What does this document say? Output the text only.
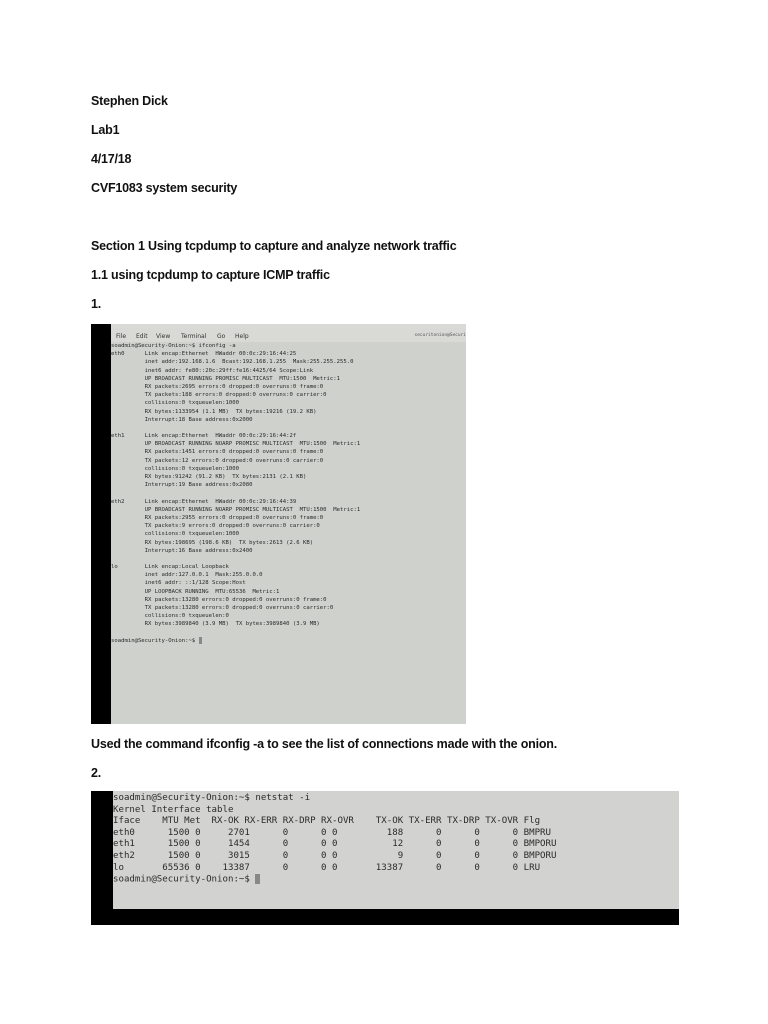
Stephen Dick
Lab1
4/17/18
CVF1083 system security
Section 1 Using tcpdump to capture and analyze network traffic
1.1 using tcpdump to capture ICMP traffic
1.
File Edit View Terminal Go Help	securitonion@Securi
soadmin@Security-Onion:~$ ifconfig -a
eth0      Link encap:Ethernet  HWaddr 00:0c:29:16:44:25
inet addr:192.168.1.6  Bcast:192.168.1.255  Mask:255.255.255.0
inet6 addr: fe80::20c:29ff:fe16:4425/64 Scope:Link
UP BROADCAST RUNNING PROMISC MULTICAST  MTU:1500  Metric:1
RX packets:2695 errors:0 dropped:0 overruns:0 frame:0
TX packets:188 errors:0 dropped:0 overruns:0 carrier:0
collisions:0 txqueuelen:1000
RX bytes:1133954 (1.1 MB)  TX bytes:19216 (19.2 KB)
Interrupt:18 Base address:0x2000
eth1      Link encap:Ethernet  HWaddr 00:0c:29:16:44:2f
UP BROADCAST RUNNING NOARP PROMISC MULTICAST  MTU:1500  Metric:1
RX packets:1451 errors:0 dropped:0 overruns:0 frame:0
TX packets:12 errors:0 dropped:0 overruns:0 carrier:0
collisions:0 txqueuelen:1000
RX bytes:91242 (91.2 KB)  TX bytes:2131 (2.1 KB)
Interrupt:19 Base address:0x2080
eth2      Link encap:Ethernet  HWaddr 00:0c:29:16:44:39
UP BROADCAST RUNNING NOARP PROMISC MULTICAST  MTU:1500  Metric:1
RX packets:2955 errors:0 dropped:0 overruns:0 frame:0
TX packets:9 errors:0 dropped:0 overruns:0 carrier:0
collisions:0 txqueuelen:1000
RX bytes:198695 (198.6 KB)  TX bytes:2613 (2.6 KB)
Interrupt:16 Base address:0x2400
lo        Link encap:Local Loopback
inet addr:127.0.0.1  Mask:255.0.0.0
inet6 addr: ::1/128 Scope:Host
UP LOOPBACK RUNNING  MTU:65536  Metric:1
RX packets:13280 errors:0 dropped:0 overruns:0 frame:0
TX packets:13280 errors:0 dropped:0 overruns:0 carrier:0
collisions:0 txqueuelen:0
RX bytes:3989840 (3.9 MB)  TX bytes:3989840 (3.9 MB)
soadmin@Security-Onion:~$
Used the command ifconfig -a to see the list of connections made with the onion.
2.
soadmin@Security-Onion:~$ netstat -i
Kernel Interface table
Iface    MTU Met  RX-OK RX-ERR RX-DRP RX-OVR    TX-OK TX-ERR TX-DRP TX-OVR Flg
eth0      1500 0     2701      0      0 0         188      0      0      0 BMPRU
eth1      1500 0     1454      0      0 0          12      0      0      0 BMPORU
eth2      1500 0     3015      0      0 0           9      0      0      0 BMPORU
lo       65536 0    13387      0      0 0       13387      0      0      0 LRU
soadmin@Security-Onion:~$
